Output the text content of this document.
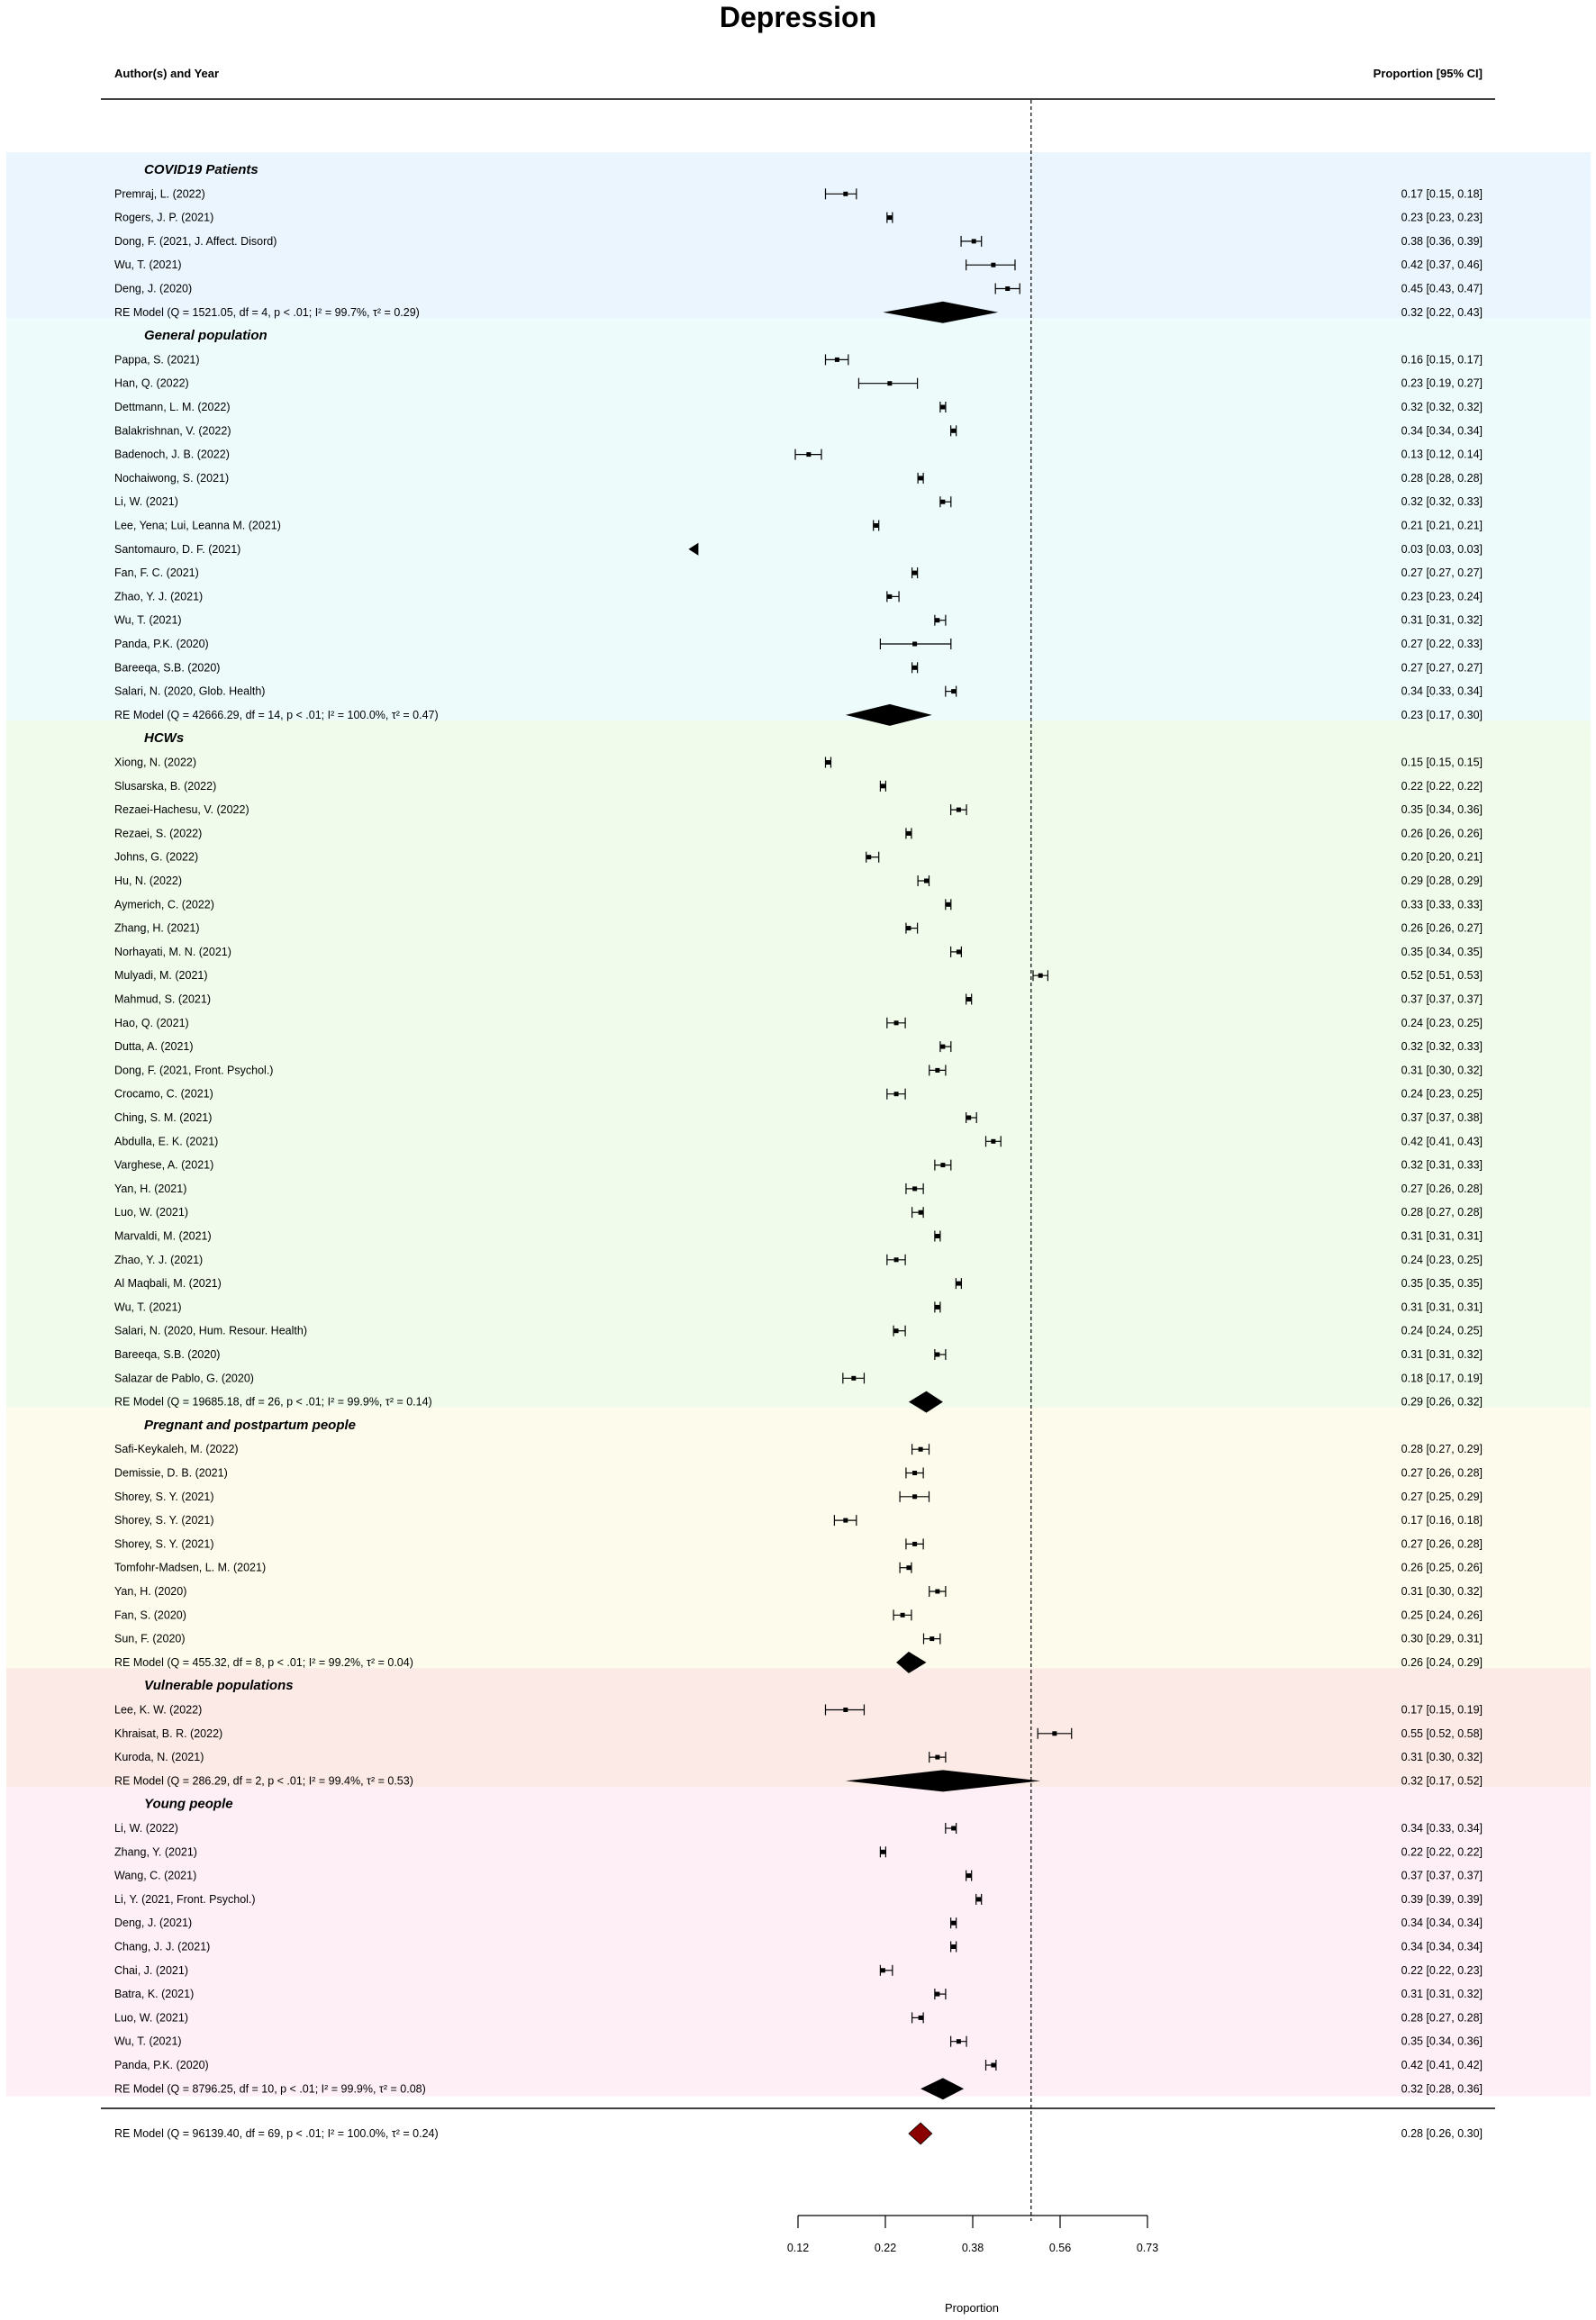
Depression
Author(s) and Year	Proportion [95% CI]
COVID19 Patients
Premraj, L. (2022)	0.17 [0.15, 0.18]
Rogers, J. P. (2021)	0.23 [0.23, 0.23]
Dong, F. (2021, J. Affect. Disord)	0.38 [0.36, 0.39]
Wu, T. (2021)	0.42 [0.37, 0.46]
Deng, J. (2020)	0.45 [0.43, 0.47]
RE Model (Q = 1521.05, df = 4, p < .01; I² = 99.7%, τ² = 0.29)	0.32 [0.22, 0.43]
General population
Pappa, S. (2021)	0.16 [0.15, 0.17]
Han, Q. (2022)	0.23 [0.19, 0.27]
Dettmann, L. M. (2022)	0.32 [0.32, 0.32]
Balakrishnan, V. (2022)	0.34 [0.34, 0.34]
Badenoch, J. B. (2022)	0.13 [0.12, 0.14]
Nochaiwong, S. (2021)	0.28 [0.28, 0.28]
Li, W. (2021)	0.32 [0.32, 0.33]
Lee, Yena; Lui, Leanna M. (2021)	0.21 [0.21, 0.21]
Santomauro, D. F. (2021)	0.03 [0.03, 0.03]
Fan, F. C. (2021)	0.27 [0.27, 0.27]
Zhao, Y. J. (2021)	0.23 [0.23, 0.24]
Wu, T. (2021)	0.31 [0.31, 0.32]
Panda, P.K. (2020)	0.27 [0.22, 0.33]
Bareeqa, S.B. (2020)	0.27 [0.27, 0.27]
Salari, N. (2020, Glob. Health)	0.34 [0.33, 0.34]
RE Model (Q = 42666.29, df = 14, p < .01; I² = 100.0%, τ² = 0.47)	0.23 [0.17, 0.30]
HCWs
Xiong, N. (2022)	0.15 [0.15, 0.15]
Slusarska, B. (2022)	0.22 [0.22, 0.22]
Rezaei-Hachesu, V. (2022)	0.35 [0.34, 0.36]
Rezaei, S. (2022)	0.26 [0.26, 0.26]
Johns, G. (2022)	0.20 [0.20, 0.21]
Hu, N. (2022)	0.29 [0.28, 0.29]
Aymerich, C. (2022)	0.33 [0.33, 0.33]
Zhang, H. (2021)	0.26 [0.26, 0.27]
Norhayati, M. N. (2021)	0.35 [0.34, 0.35]
Mulyadi, M. (2021)	0.52 [0.51, 0.53]
Mahmud, S. (2021)	0.37 [0.37, 0.37]
Hao, Q. (2021)	0.24 [0.23, 0.25]
Dutta, A. (2021)	0.32 [0.32, 0.33]
Dong, F. (2021, Front. Psychol.)	0.31 [0.30, 0.32]
Crocamo, C. (2021)	0.24 [0.23, 0.25]
Ching, S. M. (2021)	0.37 [0.37, 0.38]
Abdulla, E. K. (2021)	0.42 [0.41, 0.43]
Varghese, A. (2021)	0.32 [0.31, 0.33]
Yan, H. (2021)	0.27 [0.26, 0.28]
Luo, W. (2021)	0.28 [0.27, 0.28]
Marvaldi, M. (2021)	0.31 [0.31, 0.31]
Zhao, Y. J. (2021)	0.24 [0.23, 0.25]
Al Maqbali, M. (2021)	0.35 [0.35, 0.35]
Wu, T. (2021)	0.31 [0.31, 0.31]
Salari, N. (2020, Hum. Resour. Health)	0.24 [0.24, 0.25]
Bareeqa, S.B. (2020)	0.31 [0.31, 0.32]
Salazar de Pablo, G. (2020)	0.18 [0.17, 0.19]
RE Model (Q = 19685.18, df = 26, p < .01; I² = 99.9%, τ² = 0.14)	0.29 [0.26, 0.32]
Pregnant and postpartum people
Safi-Keykaleh, M. (2022)	0.28 [0.27, 0.29]
Demissie, D. B. (2021)	0.27 [0.26, 0.28]
Shorey, S. Y. (2021)	0.27 [0.25, 0.29]
Shorey, S. Y. (2021)	0.17 [0.16, 0.18]
Shorey, S. Y. (2021)	0.27 [0.26, 0.28]
Tomfohr-Madsen, L. M. (2021)	0.26 [0.25, 0.26]
Yan, H. (2020)	0.31 [0.30, 0.32]
Fan, S. (2020)	0.25 [0.24, 0.26]
Sun, F. (2020)	0.30 [0.29, 0.31]
RE Model (Q = 455.32, df = 8, p < .01; I² = 99.2%, τ² = 0.04)	0.26 [0.24, 0.29]
Vulnerable populations
Lee, K. W. (2022)	0.17 [0.15, 0.19]
Khraisat, B. R. (2022)	0.55 [0.52, 0.58]
Kuroda, N. (2021)	0.31 [0.30, 0.32]
RE Model (Q = 286.29, df = 2, p < .01; I² = 99.4%, τ² = 0.53)	0.32 [0.17, 0.52]
Young people
Li, W. (2022)	0.34 [0.33, 0.34]
Zhang, Y. (2021)	0.22 [0.22, 0.22]
Wang, C. (2021)	0.37 [0.37, 0.37]
Li, Y. (2021, Front. Psychol.)	0.39 [0.39, 0.39]
Deng, J. (2021)	0.34 [0.34, 0.34]
Chang, J. J. (2021)	0.34 [0.34, 0.34]
Chai, J. (2021)	0.22 [0.22, 0.23]
Batra, K. (2021)	0.31 [0.31, 0.32]
Luo, W. (2021)	0.28 [0.27, 0.28]
Wu, T. (2021)	0.35 [0.34, 0.36]
Panda, P.K. (2020)	0.42 [0.41, 0.42]
RE Model (Q = 8796.25, df = 10, p < .01; I² = 99.9%, τ² = 0.08)	0.32 [0.28, 0.36]
RE Model (Q = 96139.40, df = 69, p < .01; I² = 100.0%, τ² = 0.24)	0.28 [0.26, 0.30]
0.12	0.22	0.38	0.56	0.73
Proportion
